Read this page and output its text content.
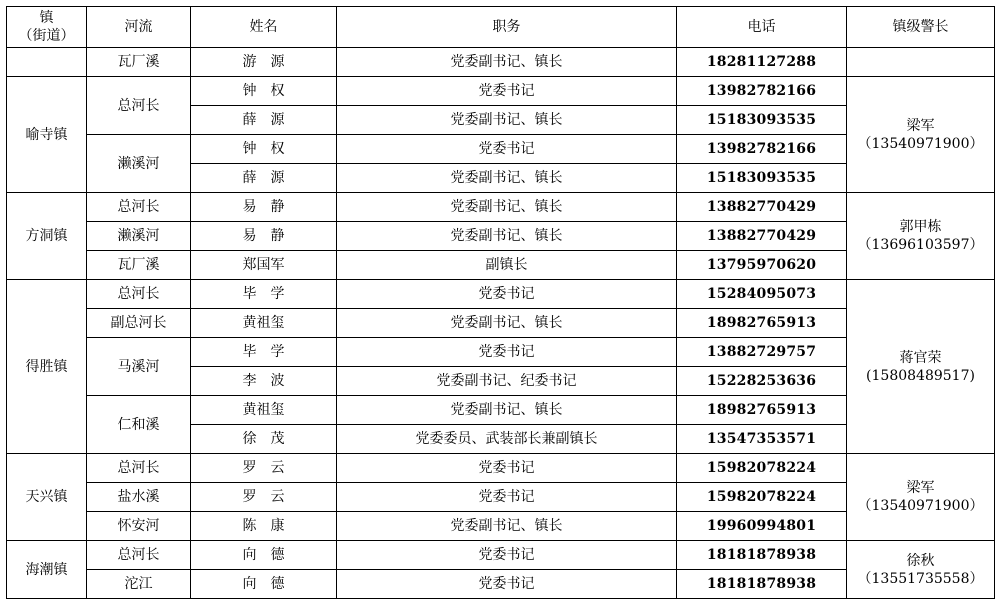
镇
（街道）	河流	姓名	职务	电话	镇级警长
	瓦厂溪	游　源	党委副书记、镇长	18281127288	
喻寺镇	总河长	钟　权	党委书记	13982782166	梁军
（13540971900）

		薛　源	党委副书记、镇长	15183093535	
	濑溪河	钟　权	党委书记	13982782166	
		薛　源	党委副书记、镇长	15183093535	
方洞镇	总河长	易　静	党委副书记、镇长	13882770429	郭甲栋
（13696103597）

	濑溪河	易　静	党委副书记、镇长	13882770429	
	瓦厂溪	郑国军	副镇长	13795970620	
得胜镇	总河长	毕　学	党委书记	15284095073	蒋官荣
(15808489517)

	副总河长	黄祖玺	党委副书记、镇长	18982765913	
	马溪河	毕　学	党委书记	13882729757	
		李　波	党委副书记、纪委书记	15228253636	
	仁和溪	黄祖玺	党委副书记、镇长	18982765913	
		徐　茂	党委委员、武装部长兼副镇长	13547353571	
天兴镇	总河长	罗　云	党委书记	15982078224	梁军
（13540971900）

	盐水溪	罗　云	党委书记	15982078224	
	怀安河	陈　康	党委副书记、镇长	19960994801	
海潮镇	总河长	向　德	党委书记	18181878938	徐秋
（13551735558）

	沱江	向　德	党委书记	18181878938	
